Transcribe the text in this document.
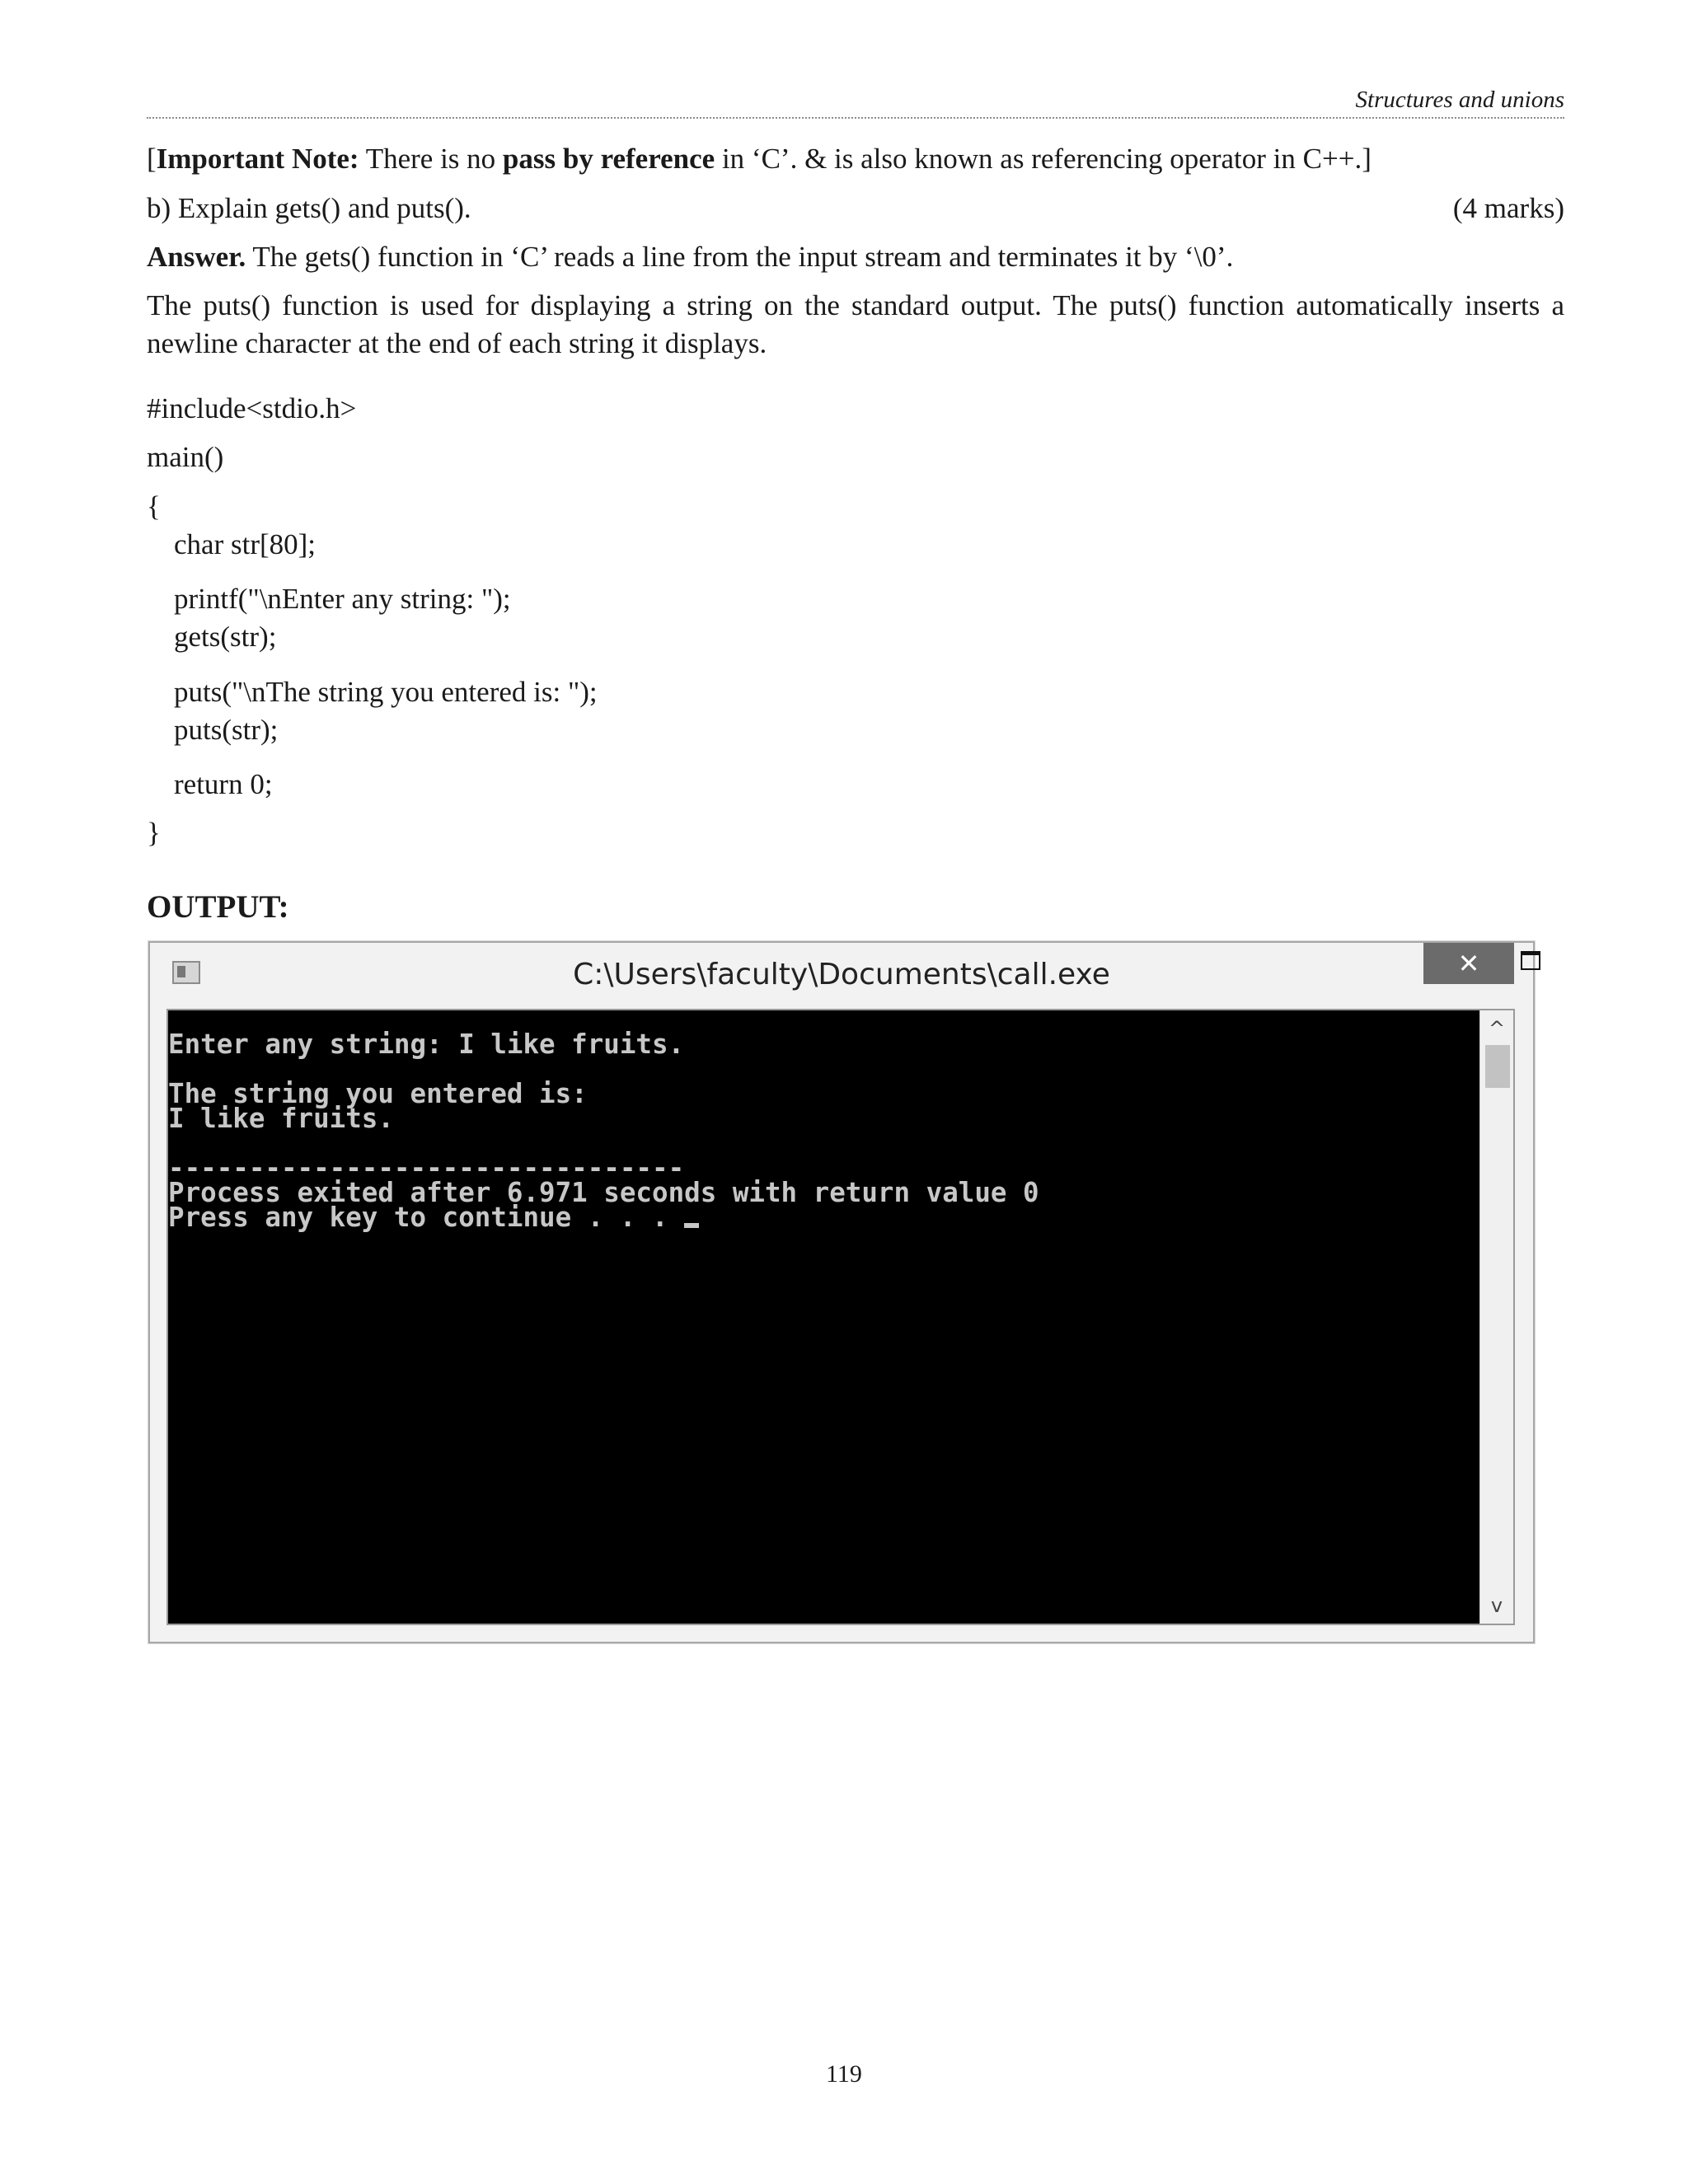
Structures and unions
[Important Note: There is no pass by reference in ‘C’. & is also known as referencing operator in C++.]
b) Explain gets() and puts().	(4 marks)
Answer. The gets() function in ‘C’ reads a line from the input stream and terminates it by ‘\0’.
The puts() function is used for displaying a string on the standard output. The puts() function automatically inserts a newline character at the end of each string it displays.
#include<stdio.h>
main()
{
char str[80];
printf("\nEnter any string: ");
gets(str);
puts("\nThe string you entered is: ");
puts(str);
return 0;
}
OUTPUT:
C:\Users\faculty\Documents\call.exe	✕
Enter any string: I like fruits.
The string you entered is:
I like fruits.
--------------------------------
Process exited after 6.971 seconds with return value 0
Press any key to continue . . .
^
v
119
